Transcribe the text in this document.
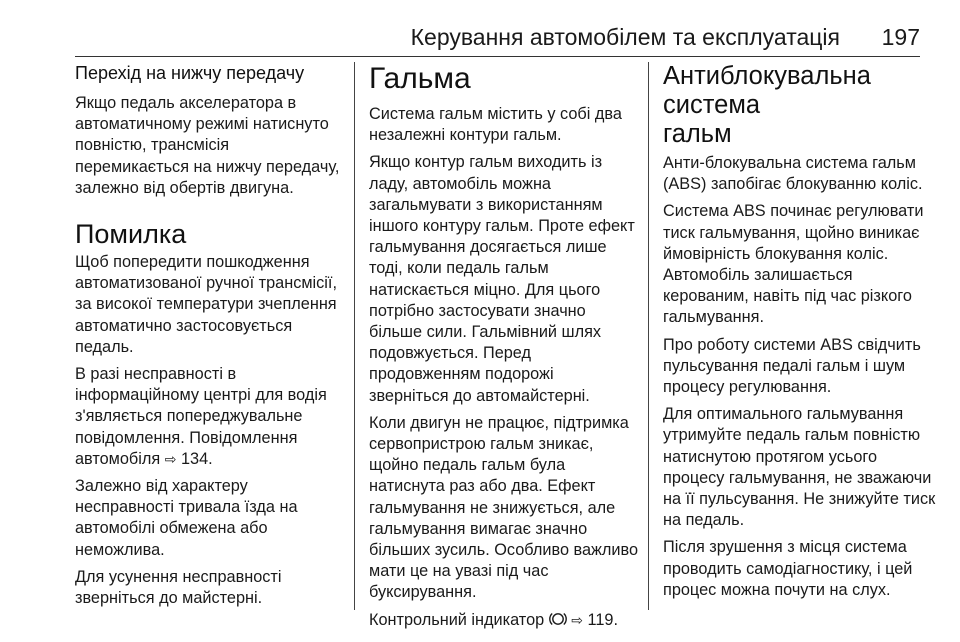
Керування автомобілем та експлуатація 197
Перехід на нижчу передачу

Якщо педаль акселератора в
автоматичному режимі натиснуто
повністю, трансмісія
перемикається на нижчу передачу,
залежно від обертів двигуна.

Помилка

Щоб попередити пошкодження
автоматизованої ручної трансмісії,
за високої температури зчеплення
автоматично застосовується
педаль.

В разі несправності в
інформаційному центрі для водія
з'являється попереджувальне
повідомлення. Повідомлення
автомобіля ⇨ 134.

Залежно від характеру
несправності тривала їзда на
автомобілі обмежена або
неможлива.

Для усунення несправності
зверніться до майстерні.

Гальма

Система гальм містить у собі два
незалежні контури гальм.

Якщо контур гальм виходить із
ладу, автомобіль можна
загальмувати з використанням
іншого контуру гальм. Проте ефект
гальмування досягається лише
тоді, коли педаль гальм
натискається міцно. Для цього
потрібно застосувати значно
більше сили. Гальмівний шлях
подовжується. Перед
продовженням подорожі
зверніться до автомайстерні.

Коли двигун не працює, підтримка
сервопристрою гальм зникає,
щойно педаль гальм була
натиснута раз або два. Ефект
гальмування не знижується, але
гальмування вимагає значно
більших зусиль. Особливо важливо
мати це на увазі під час
буксирування.

Контрольний індикатор ⇨ 119.

Антиблокувальна система
гальм

Анти-блокувальна система гальм
(ABS) запобігає блокуванню коліс.

Система ABS починає регулювати
тиск гальмування, щойно виникає
ймовірність блокування коліс.
Автомобіль залишається
керованим, навіть під час різкого
гальмування.

Про роботу системи ABS свідчить
пульсування педалі гальм і шум
процесу регулювання.

Для оптимального гальмування
утримуйте педаль гальм повністю
натиснутою протягом усього
процесу гальмування, не зважаючи
на її пульсування. Не знижуйте тиск
на педаль.

Після зрушення з місця система
проводить самодіагностику, і цей
процес можна почути на слух.
